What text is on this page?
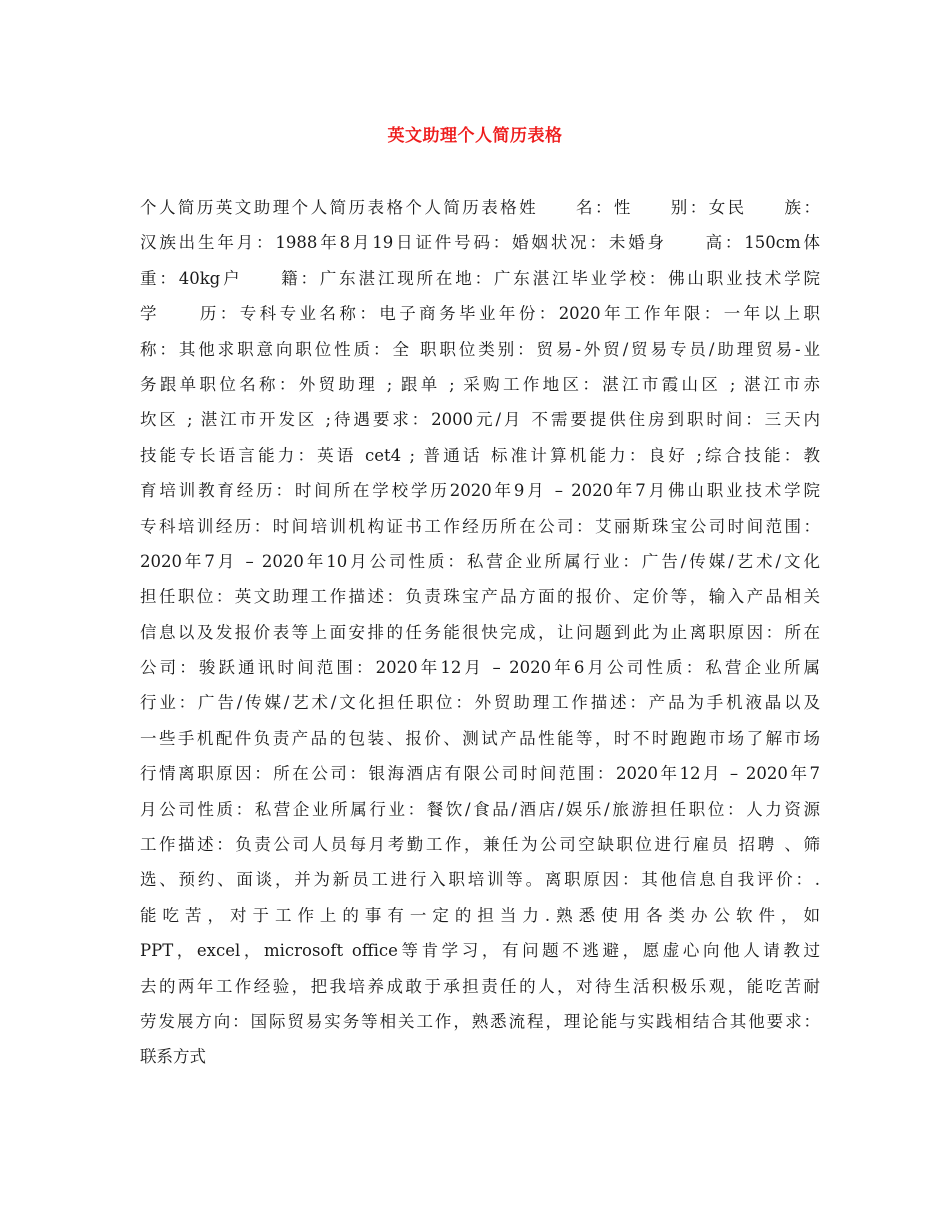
英文助理个人简历表格
个人简历英文助理个人简历表格个人简历表格姓　　名：性　　别：女民　　族：
汉族出生年月：1988年8月19日证件号码：婚姻状况：未婚身　　高：150cm体
重：40kg户　　籍：广东湛江现所在地：广东湛江毕业学校：佛山职业技术学院
学　　历：专科专业名称：电子商务毕业年份：2020年工作年限：一年以上职
称：其他求职意向职位性质：全 职职位类别：贸易-外贸/贸易专员/助理贸易-业
务跟单职位名称：外贸助理 ; 跟单 ; 采购工作地区：湛江市霞山区 ; 湛江市赤
坎区 ; 湛江市开发区 ;待遇要求：2000元/月 不需要提供住房到职时间：三天内
技能专长语言能力：英语 cet4 ; 普通话 标准计算机能力：良好 ;综合技能：教
育培训教育经历：时间所在学校学历2020年9月 – 2020年7月佛山职业技术学院
专科培训经历：时间培训机构证书工作经历所在公司：艾丽斯珠宝公司时间范围：
2020年7月 – 2020年10月公司性质：私营企业所属行业：广告/传媒/艺术/文化
担任职位：英文助理工作描述：负责珠宝产品方面的报价、定价等，输入产品相关
信息以及发报价表等上面安排的任务能很快完成，让问题到此为止离职原因：所在
公司：骏跃通讯时间范围：2020年12月 – 2020年6月公司性质：私营企业所属
行业：广告/传媒/艺术/文化担任职位：外贸助理工作描述：产品为手机液晶以及
一些手机配件负责产品的包装、报价、测试产品性能等，时不时跑跑市场了解市场
行情离职原因：所在公司：银海酒店有限公司时间范围：2020年12月 – 2020年7
月公司性质：私营企业所属行业：餐饮/食品/酒店/娱乐/旅游担任职位：人力资源
工作描述：负责公司人员每月考勤工作，兼任为公司空缺职位进行雇员 招聘 、筛
选、预约、面谈，并为新员工进行入职培训等。离职原因：其他信息自我评价：.
能吃苦，对于工作上的事有一定的担当力.熟悉使用各类办公软件，如
PPT，excel，microsoft office等肯学习，有问题不逃避，愿虚心向他人请教过
去的两年工作经验，把我培养成敢于承担责任的人，对待生活积极乐观，能吃苦耐
劳发展方向：国际贸易实务等相关工作，熟悉流程，理论能与实践相结合其他要求：
联系方式
